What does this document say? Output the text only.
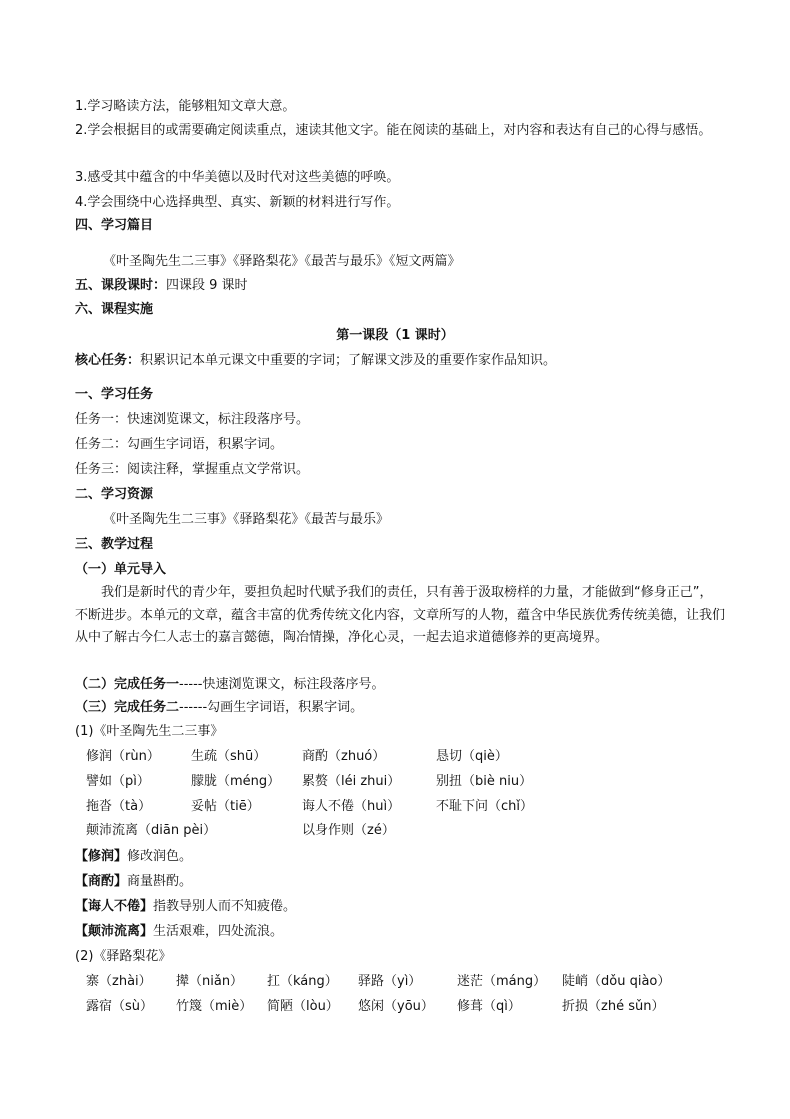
1.学习略读方法，能够粗知文章大意。
2.学会根据目的或需要确定阅读重点，速读其他文字。能在阅读的基础上，对内容和表达有自己的心得与感悟。
3.感受其中蕴含的中华美德以及时代对这些美德的呼唤。
4.学会围绕中心选择典型、真实、新颖的材料进行写作。
四、学习篇目
《叶圣陶先生二三事》《驿路梨花》《最苦与最乐》《短文两篇》
五、课段课时：四课段 9 课时
六、课程实施
第一课段（1 课时）
核心任务：积累识记本单元课文中重要的字词；了解课文涉及的重要作家作品知识。
一、学习任务
任务一：快速浏览课文，标注段落序号。
任务二：勾画生字词语，积累字词。
任务三：阅读注释，掌握重点文学常识。
二、学习资源
《叶圣陶先生二三事》《驿路梨花》《最苦与最乐》
三、教学过程
（一）单元导入
我们是新时代的青少年，要担负起时代赋予我们的责任，只有善于汲取榜样的力量，才能做到“修身正己”，不断进步。本单元的文章，蕴含丰富的优秀传统文化内容，文章所写的人物，蕴含中华民族优秀传统美德，让我们从中了解古今仁人志士的嘉言懿德，陶冶情操，净化心灵，一起去追求道德修养的更高境界。
（二）完成任务一-----快速浏览课文，标注段落序号。
（三）完成任务二------勾画生字词语，积累字词。
(1)《叶圣陶先生二三事》
修润（rùn） 生疏（shū）	商酌（zhuó）	恳切（qiè）
譬如（pì）	朦胧（méng） 累赘（léi zhui）	别扭（biè niu）
拖沓（tà）	妥帖（tiē）	诲人不倦（huì）	不耻下问（chǐ）
颠沛流离（diān pèi）	以身作则（zé）
【修润】修改润色。
【商酌】商量斟酌。
【诲人不倦】指教导别人而不知疲倦。
【颠沛流离】生活艰难，四处流浪。
(2)《驿路梨花》
寨（zhài） 撵（niǎn） 扛（káng） 驿路（yì）	迷茫（máng） 陡峭（dǒu qiào）
露宿（sù） 竹篾（miè） 简陋（lòu） 悠闲（yōu） 修葺（qì）	折损（zhé sǔn）
